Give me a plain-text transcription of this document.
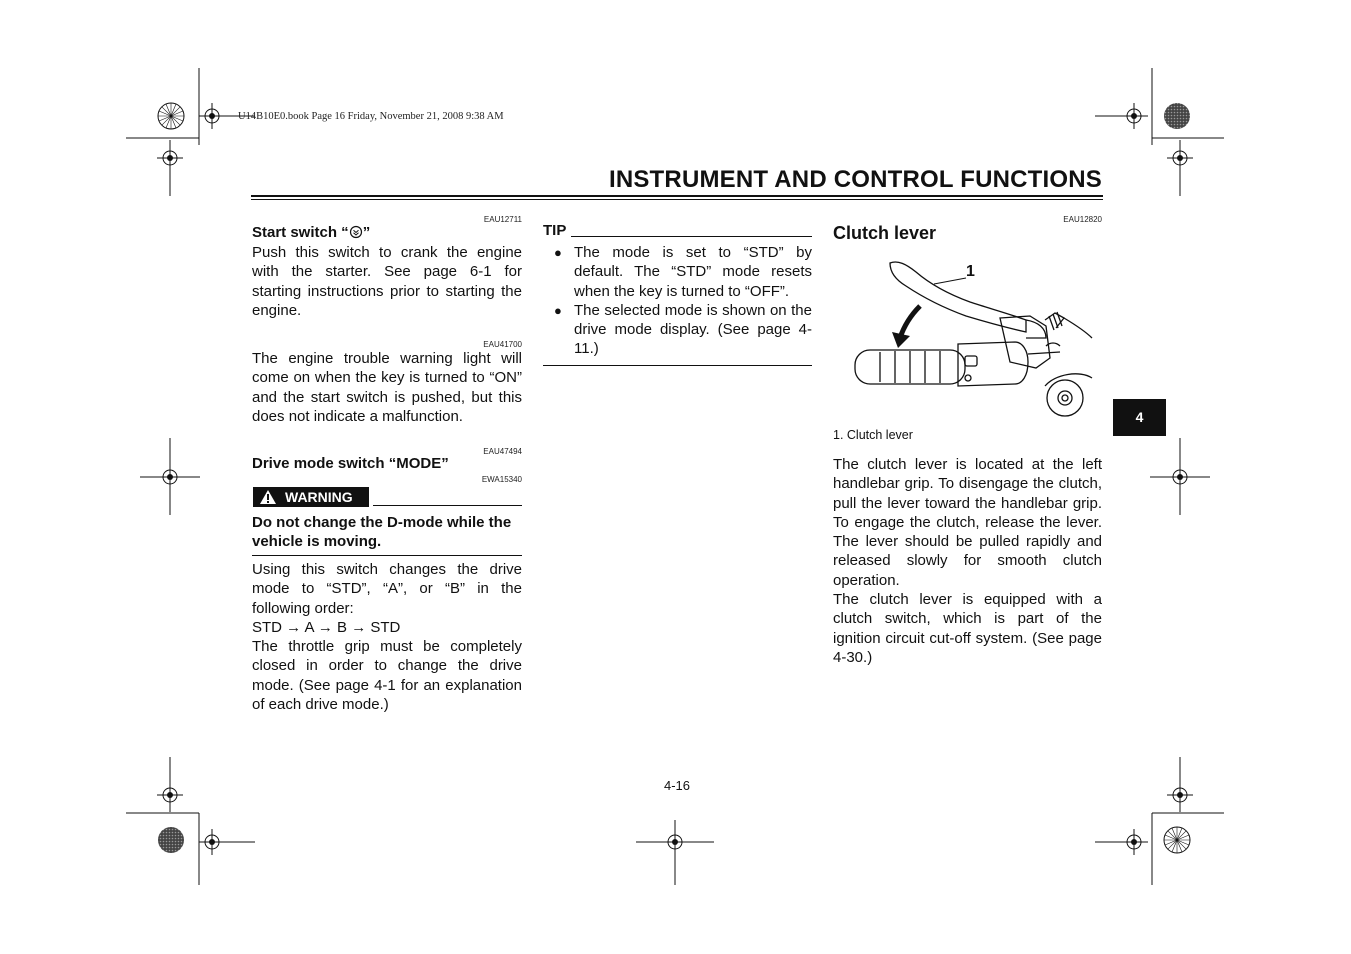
U14B10E0.book Page 16 Friday, November 21, 2008 9:38 AM
INSTRUMENT AND CONTROL FUNCTIONS
EAU12711
Start switch “ ”

Push this switch to crank the engine with the starter. See page 6-1 for starting instructions prior to starting the engine.

EAU41700

The engine trouble warning light will come on when the key is turned to “ON” and the start switch is pushed, but this does not indicate a malfunction.

EAU47494
Drive mode switch “MODE”
EWA15340
WARNING

Do not change the D-mode while the vehicle is moving.

Using this switch changes the drive mode to “STD”, “A”, or “B” in the following order:

STD → A → B → STD

The throttle grip must be completely closed in order to change the drive mode. (See page 4-1 for an explanation of each drive mode.)

TIP
● The mode is set to “STD” by default. The “STD” mode resets when the key is turned to “OFF”.

● The selected mode is shown on the drive mode display. (See page 4-11.)

EAU12820
Clutch lever
1
1. Clutch lever

The clutch lever is located at the left handlebar grip. To disengage the clutch, pull the lever toward the handlebar grip. To engage the clutch, release the lever. The lever should be pulled rapidly and released slowly for smooth clutch operation.

The clutch lever is equipped with a clutch switch, which is part of the ignition circuit cut-off system. (See page 4-30.)

4
4-16
